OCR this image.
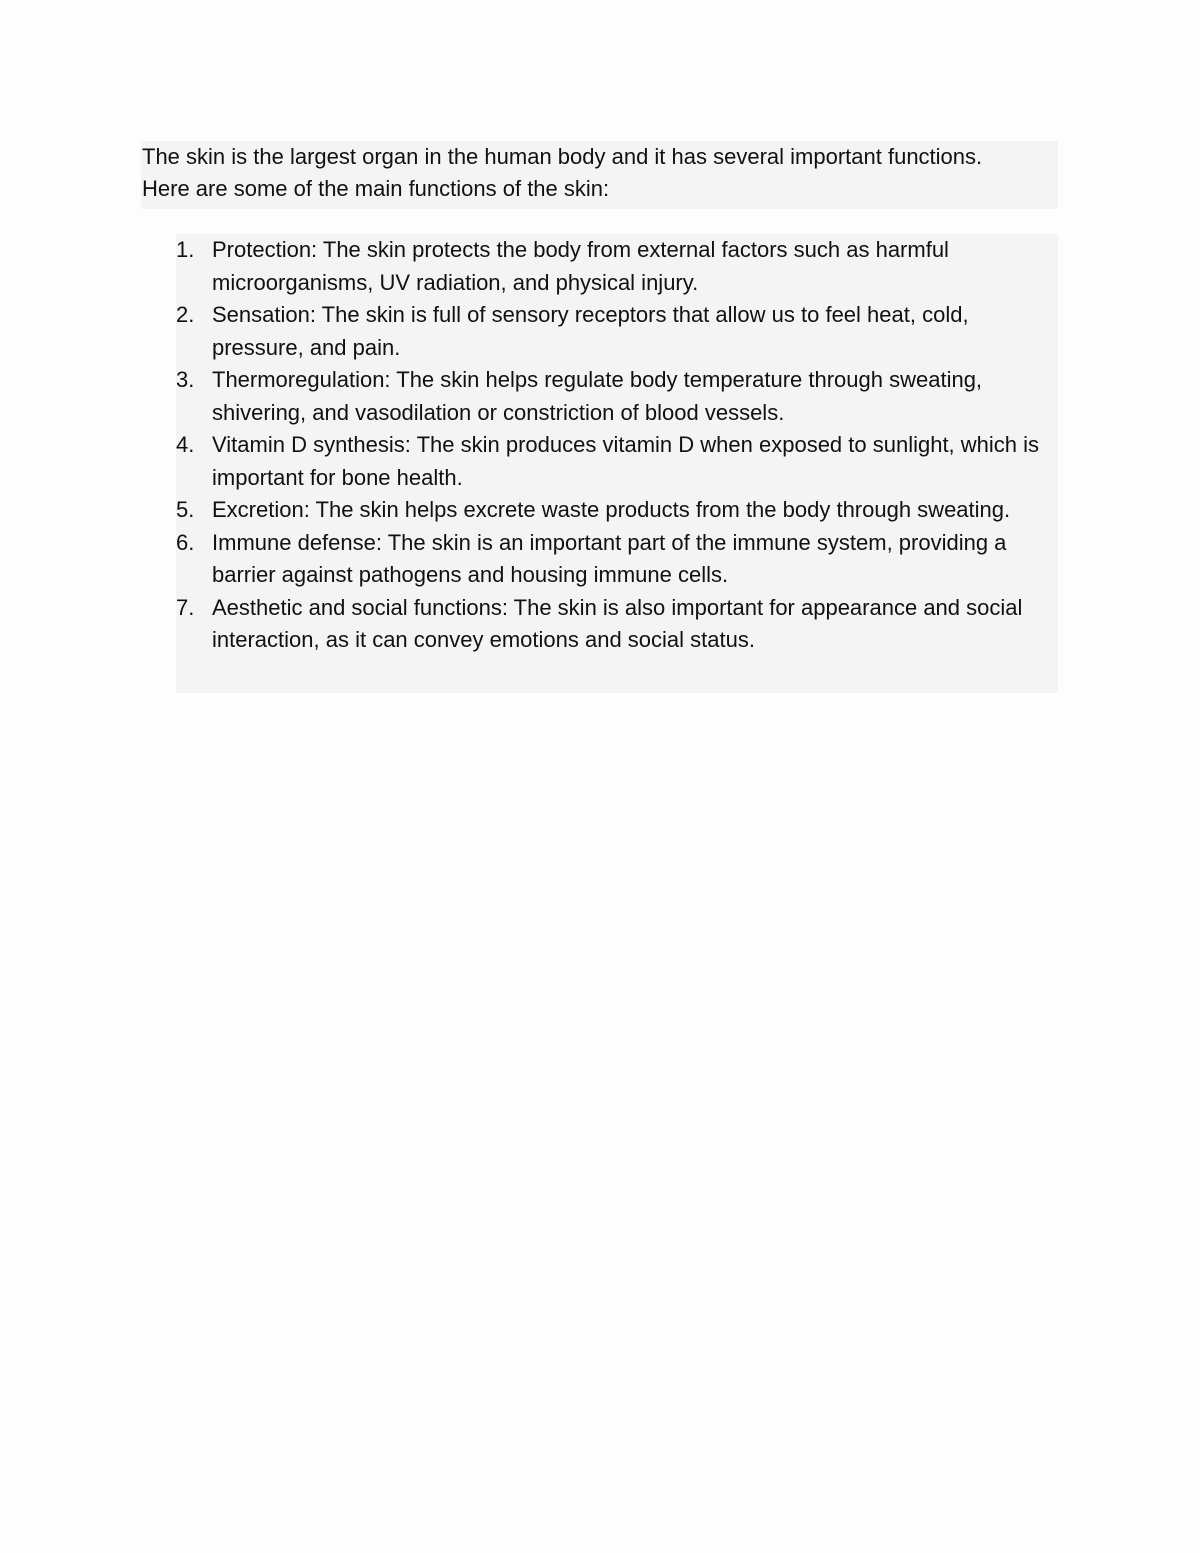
The skin is the largest organ in the human body and it has several important functions.
Here are some of the main functions of the skin:
1. Protection: The skin protects the body from external factors such as harmful microorganisms, UV radiation, and physical injury.
2. Sensation: The skin is full of sensory receptors that allow us to feel heat, cold, pressure, and pain.
3. Thermoregulation: The skin helps regulate body temperature through sweating, shivering, and vasodilation or constriction of blood vessels.
4. Vitamin D synthesis: The skin produces vitamin D when exposed to sunlight, which is important for bone health.
5. Excretion: The skin helps excrete waste products from the body through sweating.
6. Immune defense: The skin is an important part of the immune system, providing a barrier against pathogens and housing immune cells.
7. Aesthetic and social functions: The skin is also important for appearance and social interaction, as it can convey emotions and social status.
